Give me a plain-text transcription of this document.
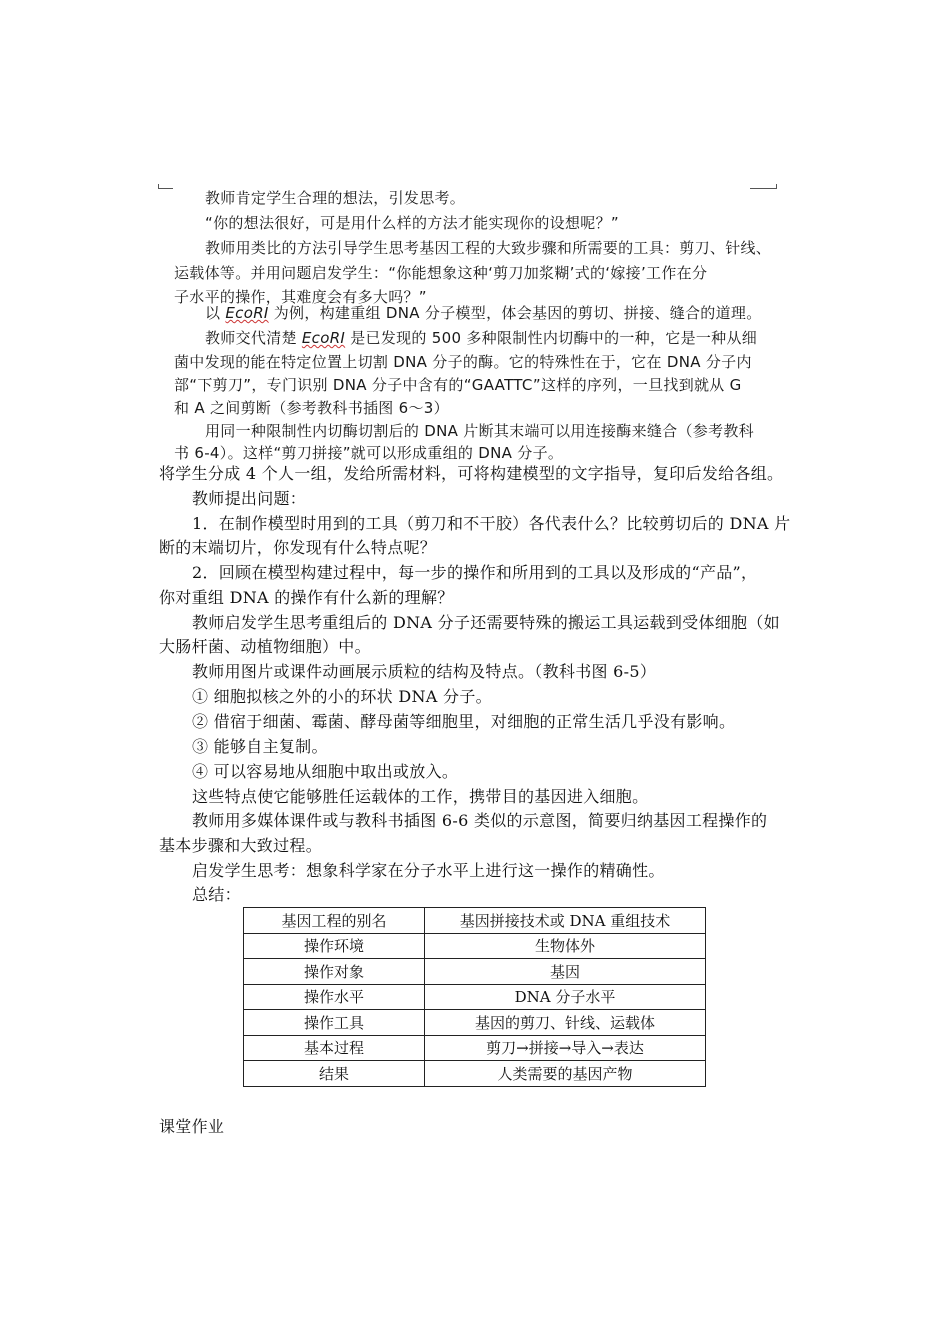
教师肯定学生合理的想法，引发思考。
“你的想法很好，可是用什么样的方法才能实现你的设想呢？”
教师用类比的方法引导学生思考基因工程的大致步骤和所需要的工具：剪刀、针线、
运载体等。并用问题启发学生：“你能想象这种‘剪刀加浆糊’式的‘嫁接’工作在分
子水平的操作，其难度会有多大吗？”
以 EcoRI 为例，构建重组 DNA 分子模型，体会基因的剪切、拼接、缝合的道理。
教师交代清楚 EcoRI 是已发现的 500 多种限制性内切酶中的一种，它是一种从细
菌中发现的能在特定位置上切割 DNA 分子的酶。它的特殊性在于，它在 DNA 分子内
部“下剪刀”，专门识别 DNA 分子中含有的“GAATTC”这样的序列，一旦找到就从 G
和 A 之间剪断（参考教科书插图 6～3）
用同一种限制性内切酶切割后的 DNA 片断其末端可以用连接酶来缝合（参考教科
书 6-4）。这样“剪刀拼接”就可以形成重组的 DNA 分子。
将学生分成 4 个人一组，发给所需材料，可将构建模型的文字指导，复印后发给各组。
教师提出问题：
1．在制作模型时用到的工具（剪刀和不干胶）各代表什么？比较剪切后的 DNA 片
断的末端切片，你发现有什么特点呢？
2．回顾在模型构建过程中，每一步的操作和所用到的工具以及形成的“产品”，
你对重组 DNA 的操作有什么新的理解？
教师启发学生思考重组后的 DNA 分子还需要特殊的搬运工具运载到受体细胞（如
大肠杆菌、动植物细胞）中。
教师用图片或课件动画展示质粒的结构及特点。（教科书图 6-5）
① 细胞拟核之外的小的环状 DNA 分子。
② 借宿于细菌、霉菌、酵母菌等细胞里，对细胞的正常生活几乎没有影响。
③ 能够自主复制。
④ 可以容易地从细胞中取出或放入。
这些特点使它能够胜任运载体的工作，携带目的基因进入细胞。
教师用多媒体课件或与教科书插图 6-6 类似的示意图，简要归纳基因工程操作的
基本步骤和大致过程。
启发学生思考：想象科学家在分子水平上进行这一操作的精确性。
总结：
基因工程的别名	基因拼接技术或 DNA 重组技术
操作环境	生物体外
操作对象	基因
操作水平	DNA 分子水平
操作工具	基因的剪刀、针线、运载体
基本过程	剪刀→拼接→导入→表达
结果	人类需要的基因产物
课堂作业
